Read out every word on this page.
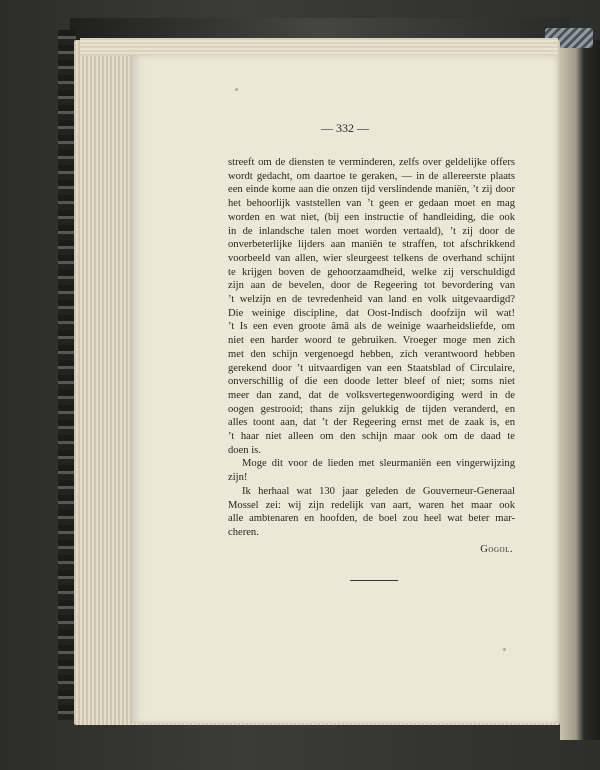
— 332 —
streeft om de diensten te verminderen, zelfs over geldelijke offers
wordt gedacht, om daartoe te geraken, — in de allereerste plaats
een einde kome aan die onzen tijd verslindende maniën, ’t zij door
het behoorlijk vaststellen van ’t geen er gedaan moet en mag
worden en wat niet, (bij een instructie of handleiding, die ook
in de inlandsche talen moet worden vertaald), ’t zij door de
onverbeterlijke lijders aan maniën te straffen, tot afschrikkend
voorbeeld van allen, wier sleurgeest telkens de overhand schijnt
te krijgen boven de gehoorzaamdheid, welke zij verschuldigd
zijn aan de bevelen, door de Regeering tot bevordering van
’t welzijn en de tevredenheid van land en volk uitgevaardigd?
Die weinige discipline, dat Oost-Indisch doofzijn wil wat!
’t Is een even groote âmâ als de weinige waarheidsliefde, om
niet een harder woord te gebruiken. Vroeger moge men zich
met den schijn vergenoegd hebben, zich verantwoord hebben
gerekend door ’t uitvaardigen van een Staatsblad of Circulaire,
onverschillig of die een doode letter bleef of niet; soms niet
meer dan zand, dat de volksvertegenwoordiging werd in de
oogen gestrooid; thans zijn gelukkig de tijden veranderd, en
alles toont aan, dat ’t der Regeering ernst met de zaak is, en
’t haar niet alleen om den schijn maar ook om de daad te
doen is.
Moge dit voor de lieden met sleurmaniën een vingerwijzing
zijn!
Ik herhaal wat 130 jaar geleden de Gouverneur-Generaal
Mossel zei: wij zijn redelijk van aart, waren het maar ook
alle ambtenaren en hoofden, de boel zou heel wat beter mar-
cheren.
Gogol.
